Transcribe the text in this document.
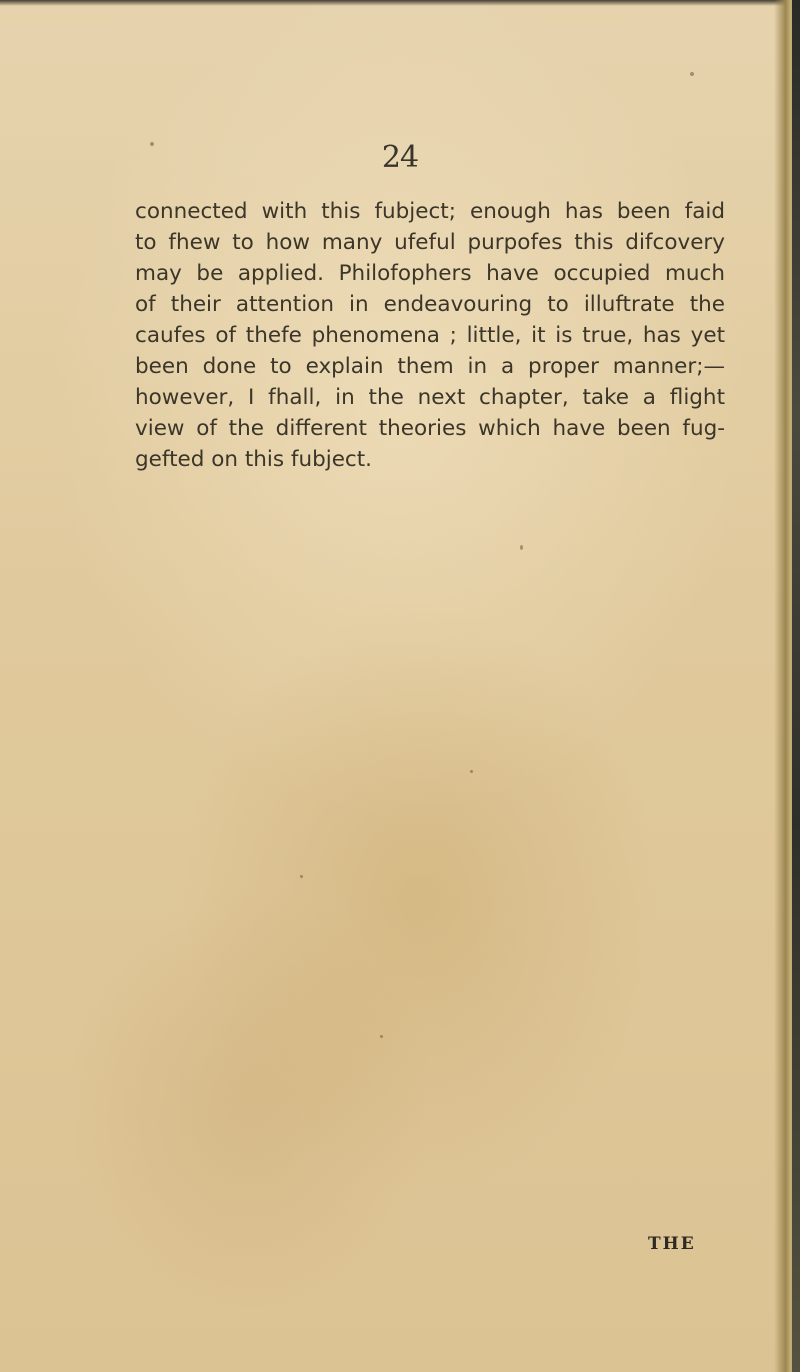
24

connected with this fubject; enough has been faid
to fhew to how many ufeful purpofes this difcovery
may be applied. Philofophers have occupied much
of their attention in endeavouring to illuftrate the
caufes of thefe phenomena ; little, it is true, has yet
been done to explain them in a proper manner;—
however, I fhall, in the next chapter, take a flight
view of the different theories which have been fug-
gefted on this fubject.

THE
